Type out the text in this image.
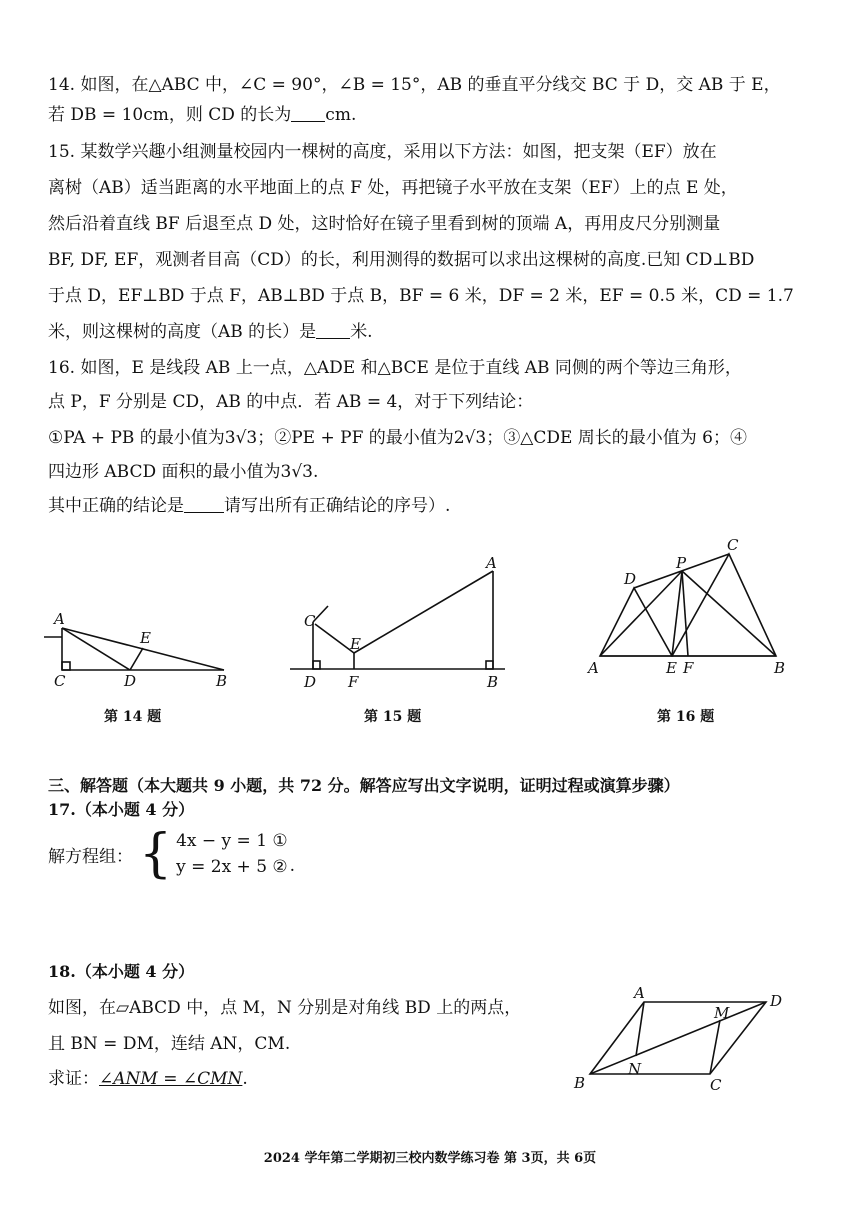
14. 如图，在△ABC 中，∠C = 90°，∠B = 15°，AB 的垂直平分线交 BC 于 D，交 AB 于 E，
若 DB = 10cm，则 CD 的长为 cm.
15. 某数学兴趣小组测量校园内一棵树的高度，采用以下方法：如图，把支架（EF）放在
离树（AB）适当距离的水平地面上的点 F 处，再把镜子水平放在支架（EF）上的点 E 处，
然后沿着直线 BF 后退至点 D 处，这时恰好在镜子里看到树的顶端 A，再用皮尺分别测量
BF, DF, EF，观测者目高（CD）的长，利用测得的数据可以求出这棵树的高度.已知 CD⊥BD
于点 D，EF⊥BD 于点 F，AB⊥BD 于点 B，BF = 6 米，DF = 2 米，EF = 0.5 米，CD = 1.7
米，则这棵树的高度（AB 的长）是 米.
16. 如图，E 是线段 AB 上一点，△ADE 和△BCE 是位于直线 AB 同侧的两个等边三角形，
点 P，F 分别是 CD，AB 的中点．若 AB = 4，对于下列结论：
①PA + PB 的最小值为3√3；②PE + PF 的最小值为2√3；③△CDE 周长的最小值为 6；④
四边形 ABCD 面积的最小值为3√3.
其中正确的结论是 请写出所有正确结论的序号）.
A
C	D	B
E
第 14 题
C
E
D F
A
B
第 15 题
D
P
C
A	E F	B
第 16 题
三、解答题（本大题共 9 小题，共 72 分。解答应写出文字说明，证明过程或演算步骤）
17.（本小题 4 分）
解方程组： { 4x − y = 1 ①
y = 2x + 5 ② .
18.（本小题 4 分）
如图，在▱ABCD 中，点 M，N 分别是对角线 BD 上的两点，
且 BN = DM，连结 AN，CM.
求证：∠ANM = ∠CMN.
A	D
M
N
B	C
2024 学年第二学期初三校内数学练习卷 第 3页，共 6页
